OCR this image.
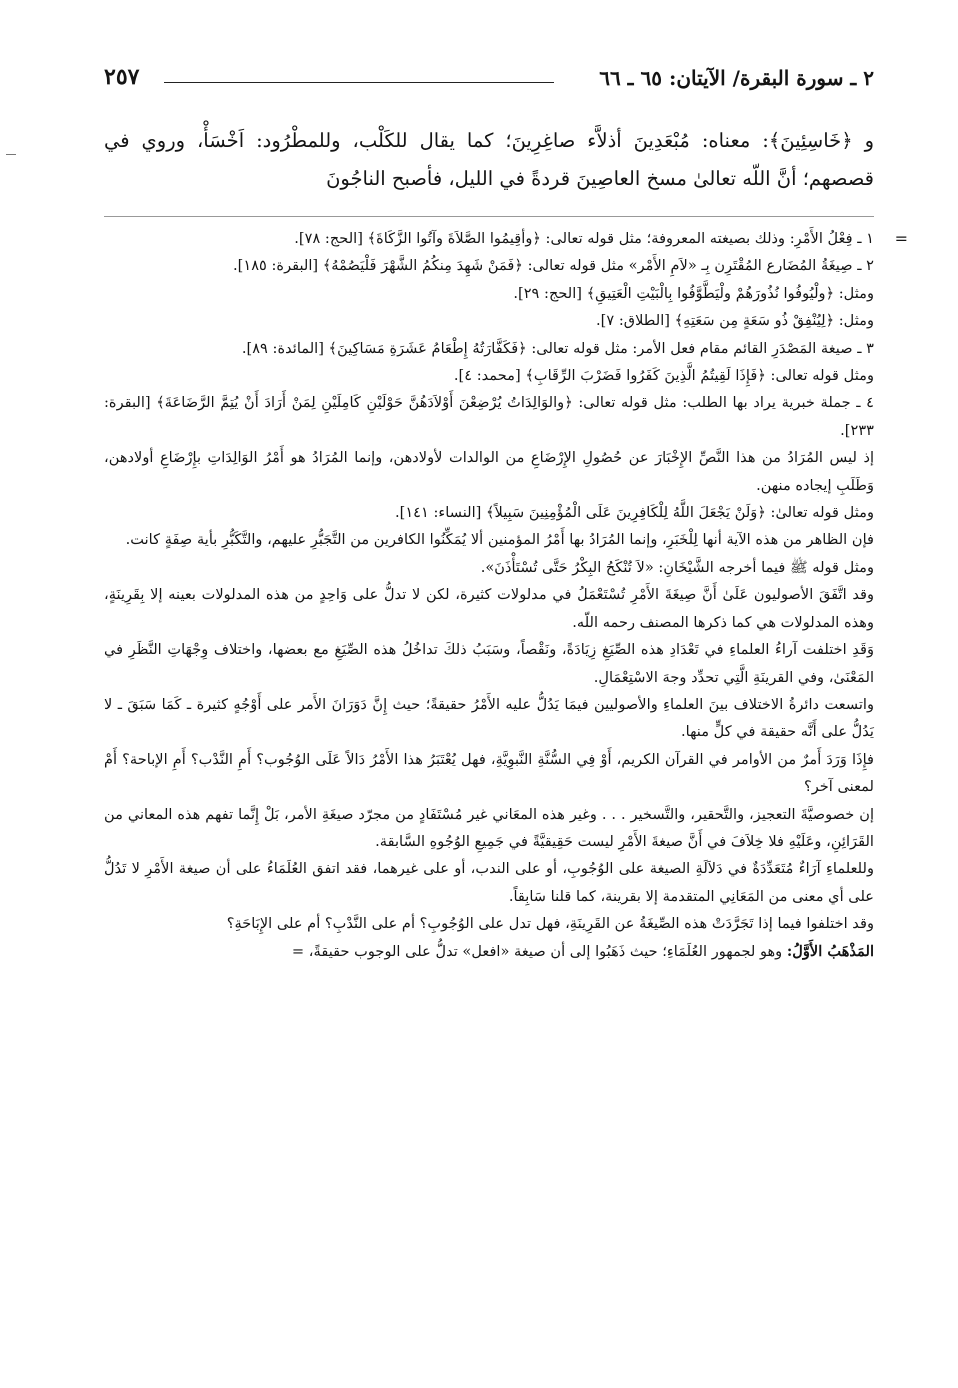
٢ ـ سورة البقرة/ الآيتان: ٦٥ ـ ٦٦
٢٥٧

و ﴿خَاسِئِينَ﴾: معناه: مُبْعَدِينَ أذلاَّء صاغِرِينَ؛ كما يقال للكَلْب، وللمطْرُود: اَخْسَأْ، وروي في قصصهم؛ أنَّ اللّه تعالىٰ مسخ العاصِينَ قردةً في الليل، فأصبح الناجُونَ

=

١ ـ فِعْلُ الأَمْرِ: وذلك بصيغته المعروفة؛ مثل قوله تعالى: ﴿وأقِيمُوا الصَّلاَةَ وآتُوا الزَّكَاةَ﴾ [الحج: ٧٨].

٢ ـ صِيغَةُ المُضَارع المُقْتَرِن بِـ «لاَمِ الأَمْر» مثل قوله تعالى: ﴿فَمَنْ شَهِدَ مِنكُمُ الشَّهْرَ فَلْيَصُمْهُ﴾ [البقرة: ١٨٥].

ومثل: ﴿ولْيُوفُوا نُذُورَهُمْ ولْيَطَّوَّفُوا بِالْبَيْتِ الْعَتِيقِ﴾ [الحج: ٢٩].

ومثل: ﴿لِيُنْفِقْ ذُو سَعَةٍ مِن سَعَتِهِ﴾ [الطلاق: ٧].

٣ ـ صيغة المَصْدَرِ القائم مقام فعل الأمر: مثل قوله تعالى: ﴿فَكَفَّارَتُهُ إِطْعَامُ عَشَرَةِ مَسَاكِينَ﴾ [المائدة: ٨٩].

ومثل قوله تعالى: ﴿فَإِذَا لَقِيتُمُ الَّذِينَ كَفَرُوا فَضَرْبَ الرِّقَابِ﴾ [محمد: ٤].

٤ ـ جملة خبرية يراد بها الطلب: مثل قوله تعالى: ﴿والوَالِدَاتُ يُرْضِعْنَ أَوْلاَدَهُنَّ حَوْلَيْنِ كَامِلَيْنِ لِمَنْ أَرَادَ أَنْ يُتِمَّ الرَّضَاعَةَ﴾ [البقرة: ٢٣٣].

إذ ليس المُرَادُ من هذا النَّصِّ الإِخْبَارَ عن حُصُولِ الإِرْضَاعِ من الوالدات لأولادهن، وإنما المُرَادُ هو أَمْرُ الوَالِدَاتِ بإِرْضَاعِ أولادهن، وَطَلَبِ إيجاده منهن.

ومثل قوله تعالىٰ: ﴿وَلَنْ يَجْعَلَ اللَّهُ لِلْكَافِرِينَ عَلَى الْمُؤْمِنِينَ سَبِيلاً﴾ [النساء: ١٤١].

فإن الظاهر من هذه الآية أنها لِلْخَبَرِ، وإنما المُرَادُ بها أَمْرُ المؤمنين ألا يُمَكِّنُوا الكافرين من التَّجَبُّرِ عليهم، والتَّكَبُّرِ بأية صِفَةٍ كانت.

ومثل قوله ﷺ فيما أخرجه الشَّيْخَانِ: «لاَ تُنْكَحُ البِكْرُ حَتَّى تُسْتَأْذَنَ».

وقد اتَّفَقَ الأصوليون عَلَىٰ أَنَّ صِيغَةَ الأَمْرِ تُسْتَعْمَلُ في مدلولات كثيرة، لكن لا تدلُّ على وَاحِدٍ من هذه المدلولات بعينه إلا بِقَرِينَةٍ، وهذه المدلولات هي كما ذكرها المصنف رحمه اللّه.

وَقَدِ اختلفت آراءُ العلماءِ في تَعْدَادِ هذه الصِّيَغِ زِيَادَةً، ونَقْصاً، وسَبَبُ ذلكَ تداخُلُ هذه الصِّيَغِ مع بعضها، واختلاف وِجْهَاتِ النَّظَرِ في المَعْنَىٰ، وفي القرينَةِ الَّتِي تحدِّد وجهَ الاسْتِعْمَالِ.

واتسعت دائرةُ الاختلاف بينَ العلماءِ والأصوليين فيمَا يَدُلُّ عليه الأَمْرُ حقيقةً؛ حيث إِنَّ دَوَرَانَ الأَمر على أَوْجُهٍ كثيرة ـ كَمَا سَبَقَ ـ لا يَدُلُّ على أَنَّه حقيقة في كلٍّ منها.

فإِذَا وَرَدَ أَمرٌ من الأوامر في القرآن الكريم، أَوْ فِي السُّنَّةِ النَّبوِيَّةِ، فهل يُعْتَبَرُ هذا الأَمْرُ دَالاً عَلَى الوُجُوب؟ أَمِ النَّدْب؟ أَمِ الإباحة؟ أَمْ لمعنى آخر؟

إن خصوصيَّةَ التعجيز، والتَّحقير، والتَّسخير . . . وغير هذه المعَاني غير مُسْتَفَادٍ من مجرّد صيغَةِ الأمر، بَلْ إِنَّما تفهم هذه المعاني من القَرَائِنِ، وعَلَيْهِ فلا خِلاَفَ في أَنَّ صيغةَ الأَمْرِ ليست حَقِيقيَّةً في جَمِيعِ الوُجُوهِ السَّابقة.

وللعلماءِ آرَاءٌ مُتَعَدِّدَةٌ في دَلاَلَةِ الصيغة على الوُجُوبِ، أو على الندب، أو على غيرهما، فقد اتفق العُلَمَاءُ على أن صيغة الأَمْرِ لا تَدُلُّ على أي معنى من المَعَانِي المتقدمة إلا بقرينة، كما قلنا سَابِقاً.

وقد اختلفوا فيما إذا تَجَرَّدَتْ هذه الصِّيغَةُ عن القَرِينَةِ، فهل تدل على الوُجُوبِ؟ أم على النَّدْبِ؟ أم على الإِبَاحَةِ؟

المَذْهَبُ الأَوَّلُ: وهو لجمهور العُلَمَاءِ؛ حيث ذَهَبُوا إلى أن صيغة «افعل» تدلُّ على الوجوب حقيقةً، =
